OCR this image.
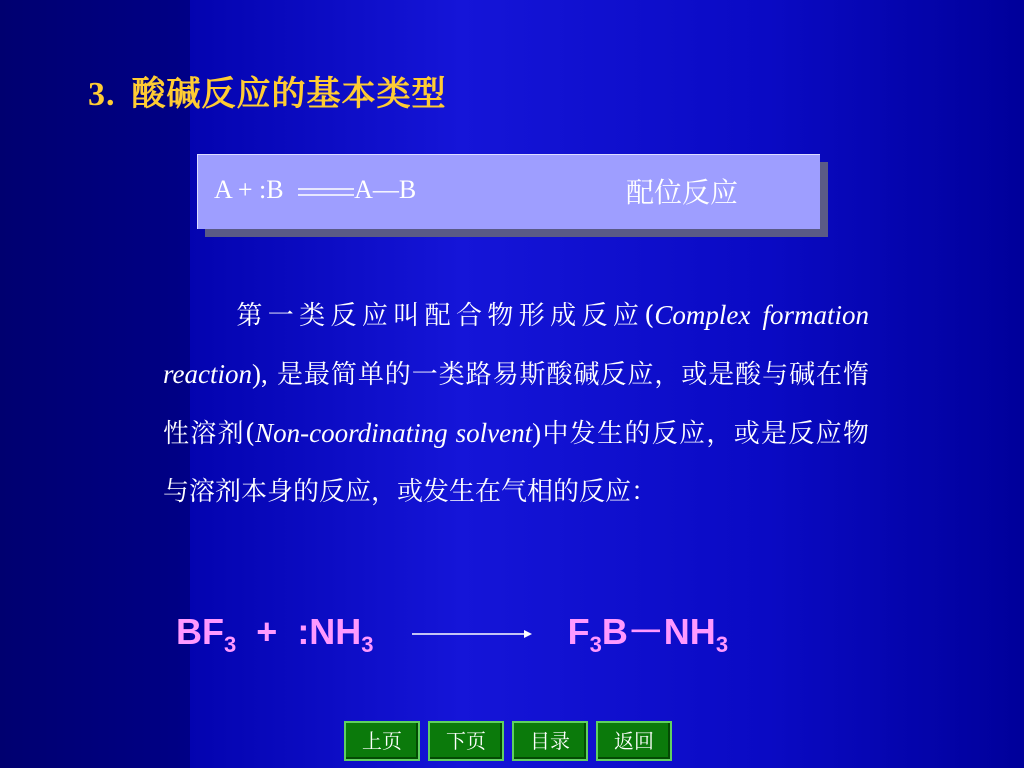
3. 酸碱反应的基本类型
A + :B	A—B	配位反应
第一类反应叫配合物形成反应(Complex formation reaction), 是最简单的一类路易斯酸碱反应，或是酸与碱在惰性溶剂(Non-coordinating solvent)中发生的反应，或是反应物与溶剂本身的反应，或发生在气相的反应：
$BF_3$ + $:NH_3 \to F_3B-NH_3$
上页	下页	目录	返回
